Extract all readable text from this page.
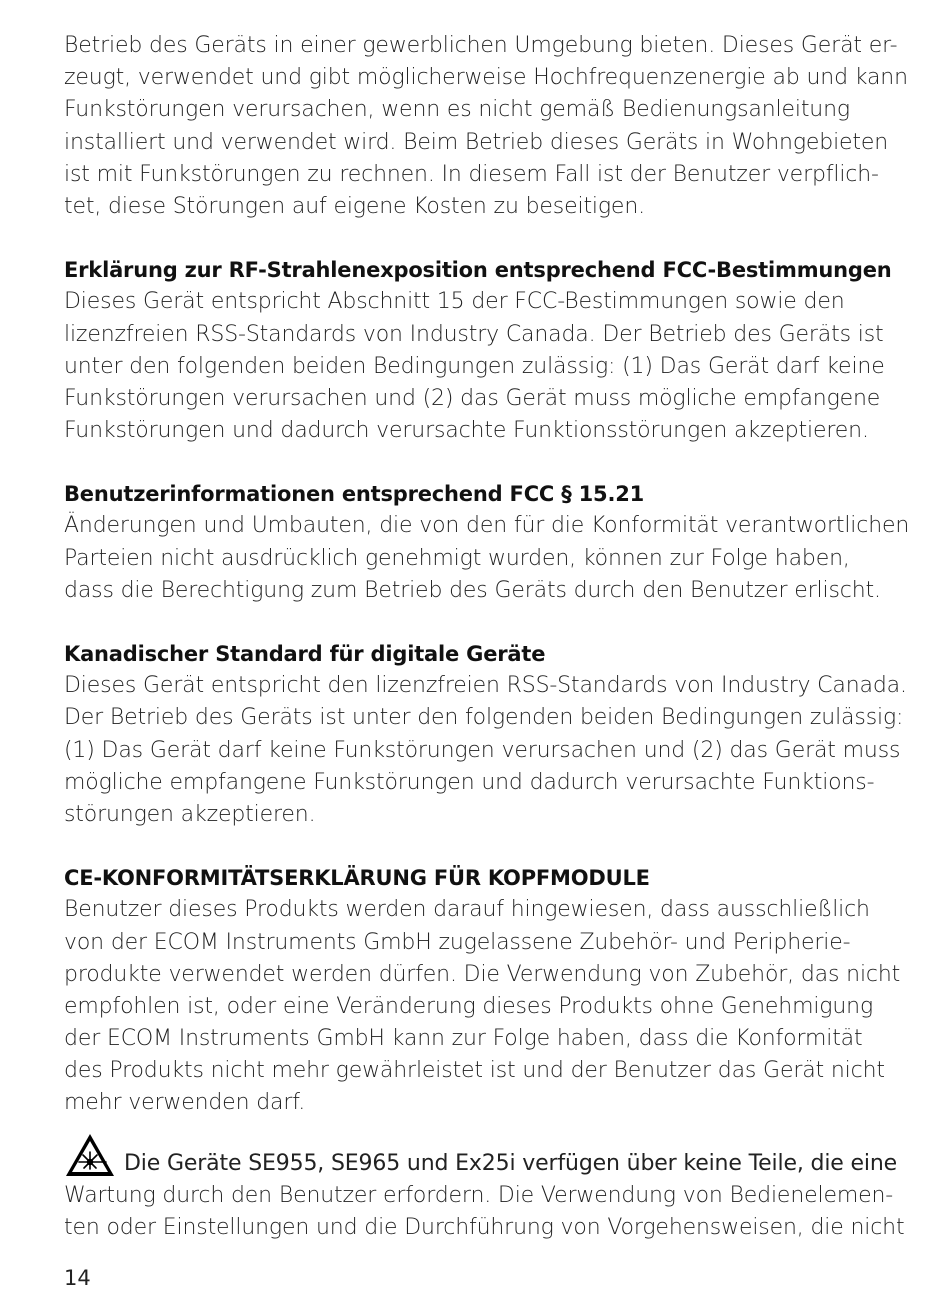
Betrieb des Geräts in einer gewerblichen Umgebung bieten. Dieses Gerät er-
zeugt, verwendet und gibt möglicherweise Hochfrequenzenergie ab und kann
Funkstörungen verursachen, wenn es nicht gemäß Bedienungsanleitung
installiert und verwendet wird. Beim Betrieb dieses Geräts in Wohngebieten
ist mit Funkstörungen zu rechnen. In diesem Fall ist der Benutzer verpflich-
tet, diese Störungen auf eigene Kosten zu beseitigen.
Erklärung zur RF-Strahlenexposition entsprechend FCC-Bestimmungen
Dieses Gerät entspricht Abschnitt 15 der FCC-Bestimmungen sowie den
lizenzfreien RSS-Standards von Industry Canada. Der Betrieb des Geräts ist
unter den folgenden beiden Bedingungen zulässig: (1) Das Gerät darf keine
Funkstörungen verursachen und (2) das Gerät muss mögliche empfangene
Funkstörungen und dadurch verursachte Funktionsstörungen akzeptieren.
Benutzerinformationen entsprechend FCC § 15.21
Änderungen und Umbauten, die von den für die Konformität verantwortlichen
Parteien nicht ausdrücklich genehmigt wurden, können zur Folge haben,
dass die Berechtigung zum Betrieb des Geräts durch den Benutzer erlischt.
Kanadischer Standard für digitale Geräte
Dieses Gerät entspricht den lizenzfreien RSS-Standards von Industry Canada.
Der Betrieb des Geräts ist unter den folgenden beiden Bedingungen zulässig:
(1) Das Gerät darf keine Funkstörungen verursachen und (2) das Gerät muss
mögliche empfangene Funkstörungen und dadurch verursachte Funktions-
störungen akzeptieren.
CE-KONFORMITÄTSERKLÄRUNG FÜR KOPFMODULE
Benutzer dieses Produkts werden darauf hingewiesen, dass ausschließlich
von der ECOM Instruments GmbH zugelassene Zubehör- und Peripherie-
produkte verwendet werden dürfen. Die Verwendung von Zubehör, das nicht
empfohlen ist, oder eine Veränderung dieses Produkts ohne Genehmigung
der ECOM Instruments GmbH kann zur Folge haben, dass die Konformität
des Produkts nicht mehr gewährleistet ist und der Benutzer das Gerät nicht
mehr verwenden darf.
Die Geräte SE955, SE965 und Ex25i verfügen über keine Teile, die eine
Wartung durch den Benutzer erfordern. Die Verwendung von Bedienelemen-
ten oder Einstellungen und die Durchführung von Vorgehensweisen, die nicht
14
